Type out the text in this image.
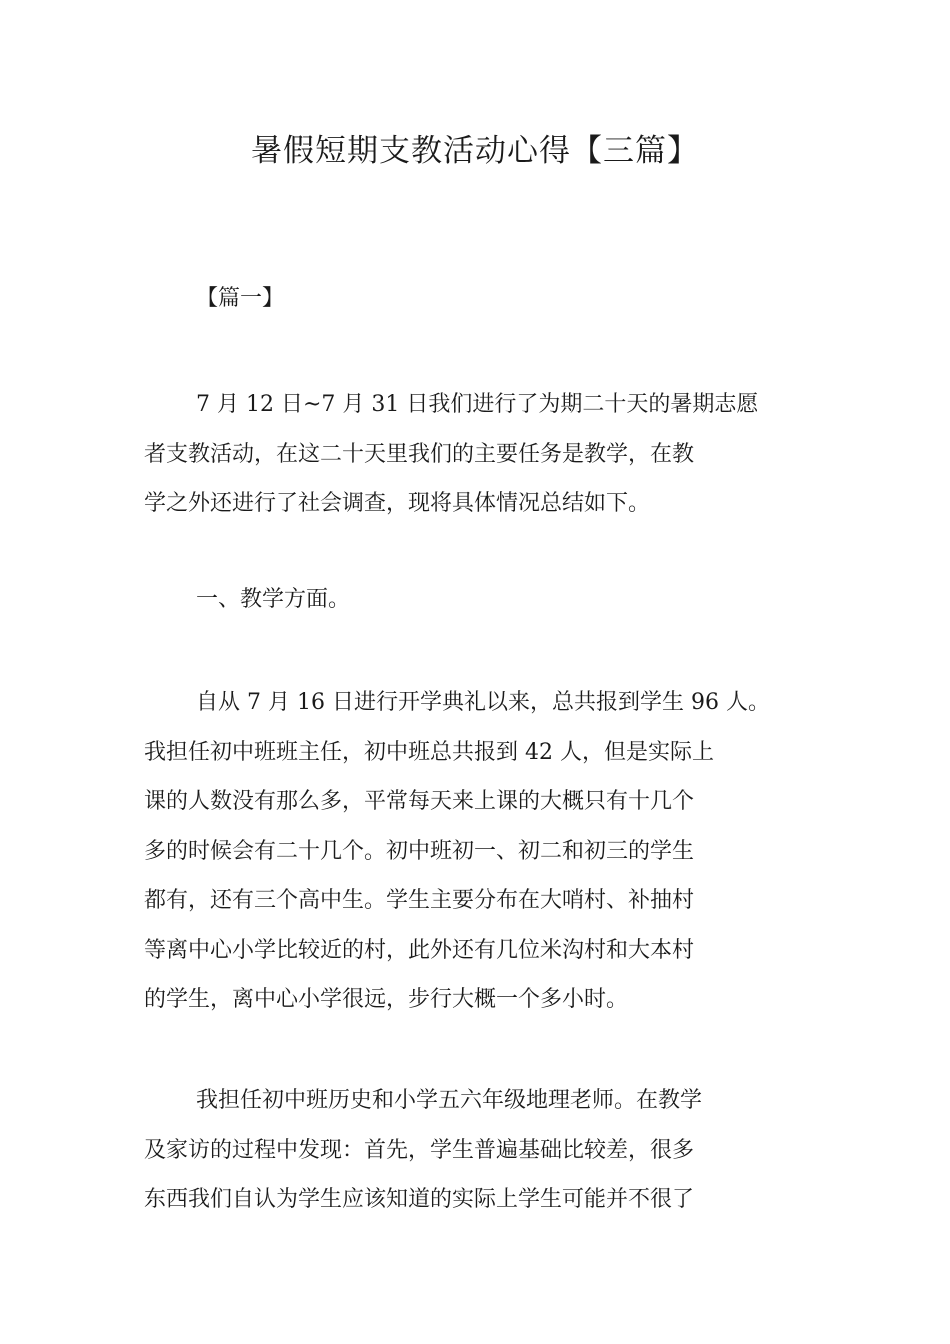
暑假短期支教活动心得【三篇】
【篇一】
7 月 12 日~7 月 31 日我们进行了为期二十天的暑期志愿
者支教活动，在这二十天里我们的主要任务是教学，在教
学之外还进行了社会调查，现将具体情况总结如下。
一、教学方面。
自从 7 月 16 日进行开学典礼以来，总共报到学生 96 人。
我担任初中班班主任，初中班总共报到 42 人，但是实际上
课的人数没有那么多，平常每天来上课的大概只有十几个
多的时候会有二十几个。初中班初一、初二和初三的学生
都有，还有三个高中生。学生主要分布在大哨村、补抽村
等离中心小学比较近的村，此外还有几位米沟村和大本村
的学生，离中心小学很远，步行大概一个多小时。
我担任初中班历史和小学五六年级地理老师。在教学
及家访的过程中发现：首先，学生普遍基础比较差，很多
东西我们自认为学生应该知道的实际上学生可能并不很了
